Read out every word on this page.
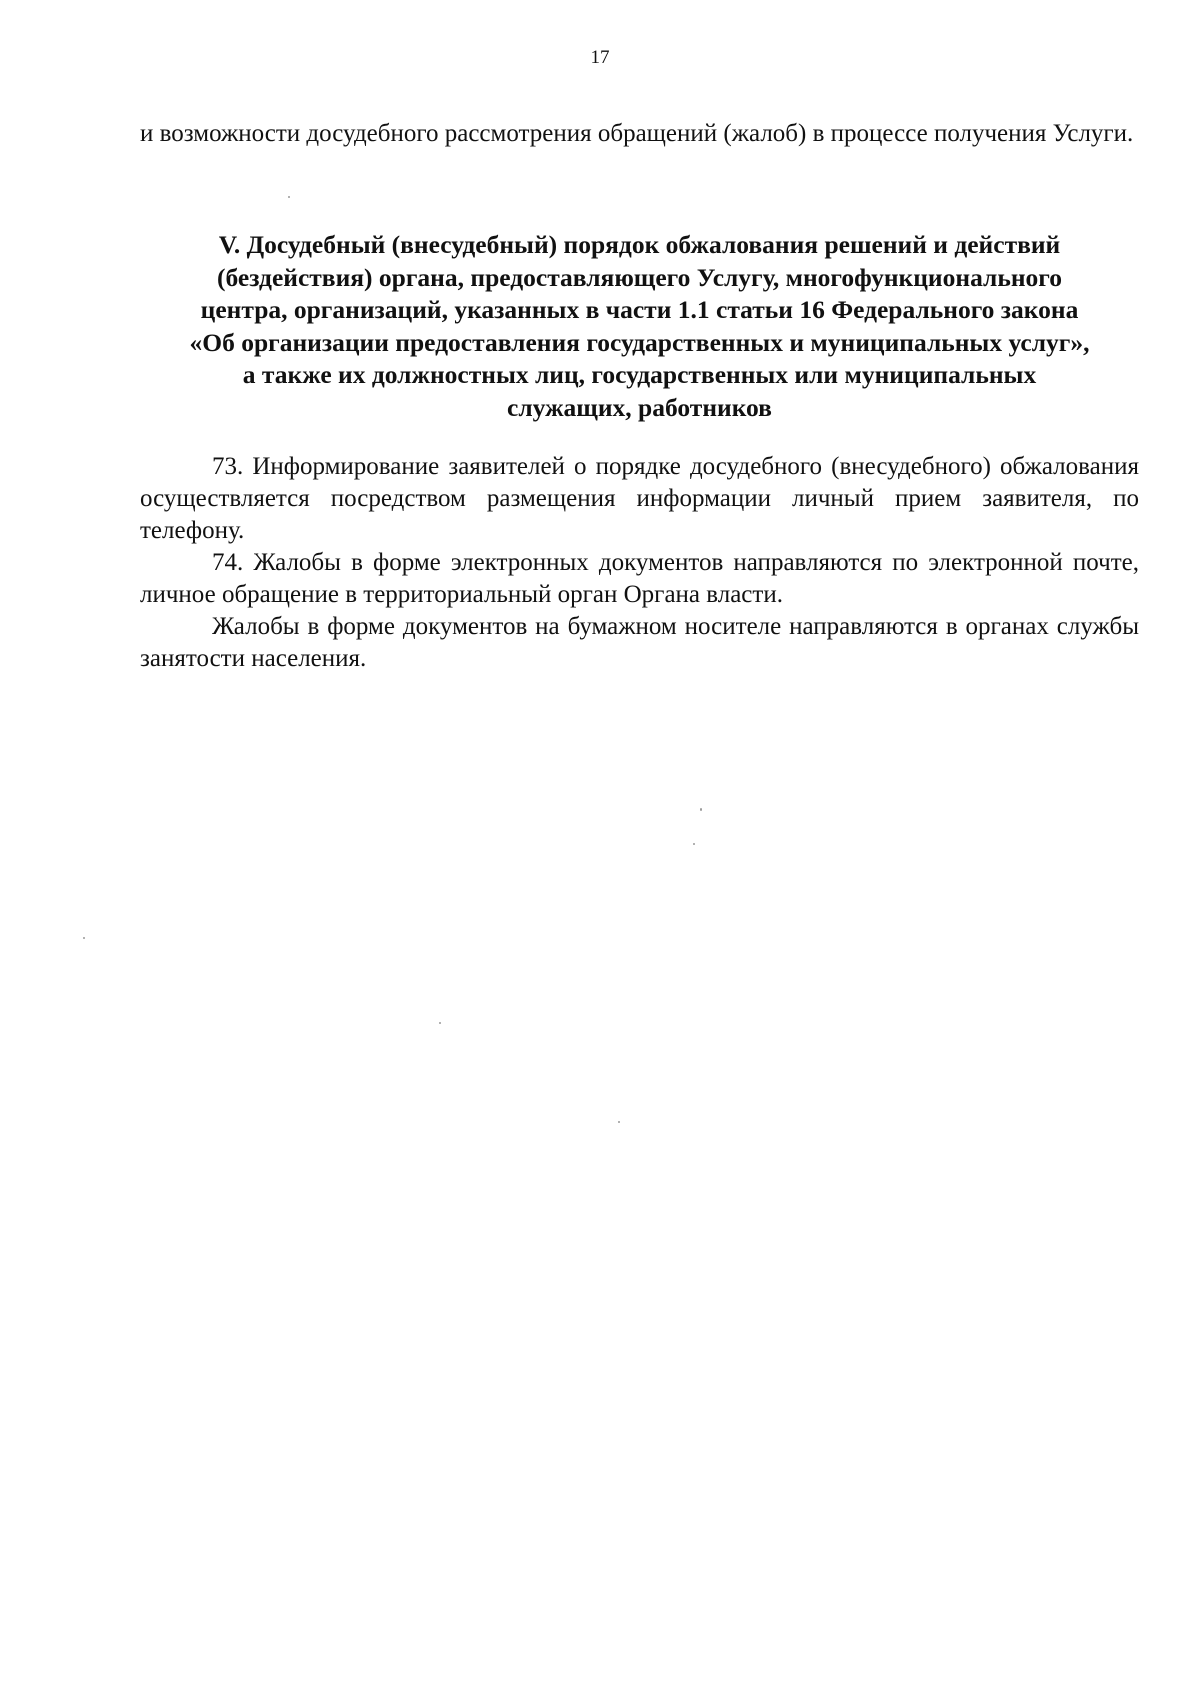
17

и возможности досудебного рассмотрения обращений (жалоб) в процессе получения Услуги.

V. Досудебный (внесудебный) порядок обжалования решений и действий
(бездействия) органа, предоставляющего Услугу, многофункционального
центра, организаций, указанных в части 1.1 статьи 16 Федерального закона
«Об организации предоставления государственных и муниципальных услуг»,
а также их должностных лиц, государственных или муниципальных
служащих, работников

73. Информирование заявителей о порядке досудебного (внесудебного) обжалования осуществляется посредством размещения информации личный прием заявителя, по телефону.

74. Жалобы в форме электронных документов направляются по электронной почте, личное обращение в территориальный орган Органа власти.

Жалобы в форме документов на бумажном носителе направляются в органах службы занятости населения.
